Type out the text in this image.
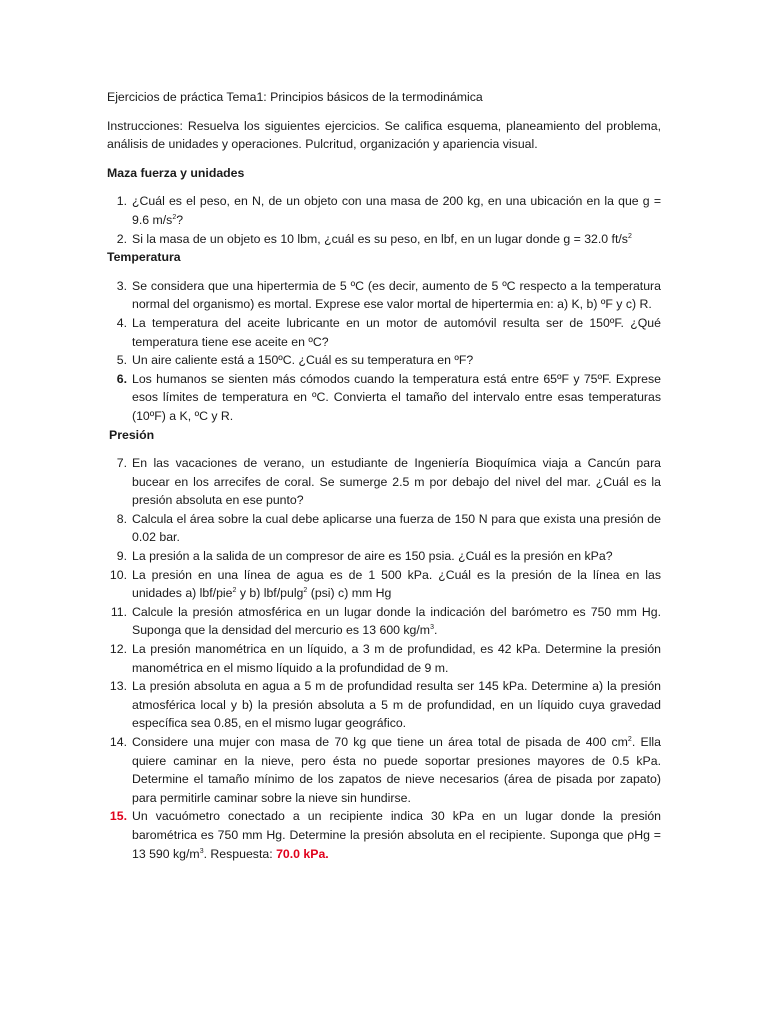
Ejercicios de práctica Tema1: Principios básicos de la termodinámica

Instrucciones: Resuelva los siguientes ejercicios. Se califica esquema, planeamiento del problema, análisis de unidades y operaciones. Pulcritud, organización y apariencia visual.

Maza fuerza y unidades

1. ¿Cuál es el peso, en N, de un objeto con una masa de 200 kg, en una ubicación en la que g = 9.6 $m/s^2$?
2. Si la masa de un objeto es 10 lbm, ¿cuál es su peso, en lbf, en un lugar donde g = 32.0 $ft/s^2$

Temperatura

3. Se considera que una hipertermia de 5 ºC (es decir, aumento de 5 ºC respecto a la temperatura normal del organismo) es mortal. Exprese ese valor mortal de hipertermia en: a) K, b) ºF y c) R.
4. La temperatura del aceite lubricante en un motor de automóvil resulta ser de 150ºF. ¿Qué temperatura tiene ese aceite en ºC?
5. Un aire caliente está a 150ºC. ¿Cuál es su temperatura en ºF?
6. Los humanos se sienten más cómodos cuando la temperatura está entre 65ºF y 75ºF. Exprese esos límites de temperatura en ºC. Convierta el tamaño del intervalo entre esas temperaturas (10ºF) a K, ºC y R.

Presión

7. En las vacaciones de verano, un estudiante de Ingeniería Bioquímica viaja a Cancún para bucear en los arrecifes de coral. Se sumerge 2.5 m por debajo del nivel del mar. ¿Cuál es la presión absoluta en ese punto?
8. Calcula el área sobre la cual debe aplicarse una fuerza de 150 N para que exista una presión de 0.02 bar.
9. La presión a la salida de un compresor de aire es 150 psia. ¿Cuál es la presión en kPa?
10. La presión en una línea de agua es de 1 500 kPa. ¿Cuál es la presión de la línea en las unidades a) lbf/pie$^2$ y b) lbf/pulg$^2$ (psi) c) mm Hg
11. Calcule la presión atmosférica en un lugar donde la indicación del barómetro es 750 mm Hg. Suponga que la densidad del mercurio es 13 600 $kg/m^3$.
12. La presión manométrica en un líquido, a 3 m de profundidad, es 42 kPa. Determine la presión manométrica en el mismo líquido a la profundidad de 9 m.
13. La presión absoluta en agua a 5 m de profundidad resulta ser 145 kPa. Determine a) la presión atmosférica local y b) la presión absoluta a 5 m de profundidad, en un líquido cuya gravedad específica sea 0.85, en el mismo lugar geográfico.
14. Considere una mujer con masa de 70 kg que tiene un área total de pisada de 400 $cm^2$. Ella quiere caminar en la nieve, pero ésta no puede soportar presiones mayores de 0.5 kPa. Determine el tamaño mínimo de los zapatos de nieve necesarios (área de pisada por zapato) para permitirle caminar sobre la nieve sin hundirse.
15. Un vacuómetro conectado a un recipiente indica 30 kPa en un lugar donde la presión barométrica es 750 mm Hg. Determine la presión absoluta en el recipiente. Suponga que ρHg = 13 590 $kg/m^3$. Respuesta: 70.0 kPa.
